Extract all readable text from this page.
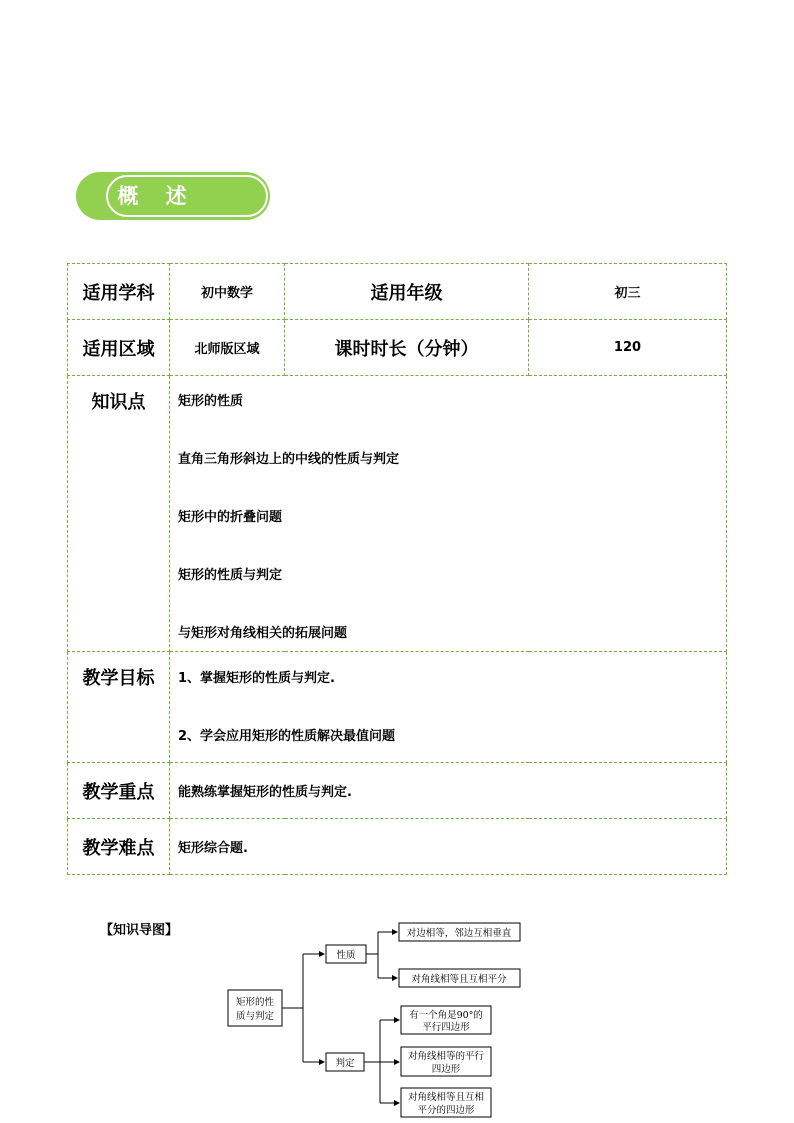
概 述
适用学科	初中数学	适用年级	初三
适用区域	北师版区域	课时时长（分钟）	120
知识点	矩形的性质
直角三角形斜边上的中线的性质与判定
矩形中的折叠问题
矩形的性质与判定
与矩形对角线相关的拓展问题		

教学目标	1、掌握矩形的性质与判定.
2、学会应用矩形的性质解决最值问题		

教学重点	能熟练掌握矩形的性质与判定.		
教学难点	矩形综合题.		
【知识导图】
矩形的性
质与判定
性质
对边相等，邻边互相垂直
对角线相等且互相平分
判定
有一个角是90°的
平行四边形
对角线相等的平行
四边形
对角线相等且互相
平分的四边形
